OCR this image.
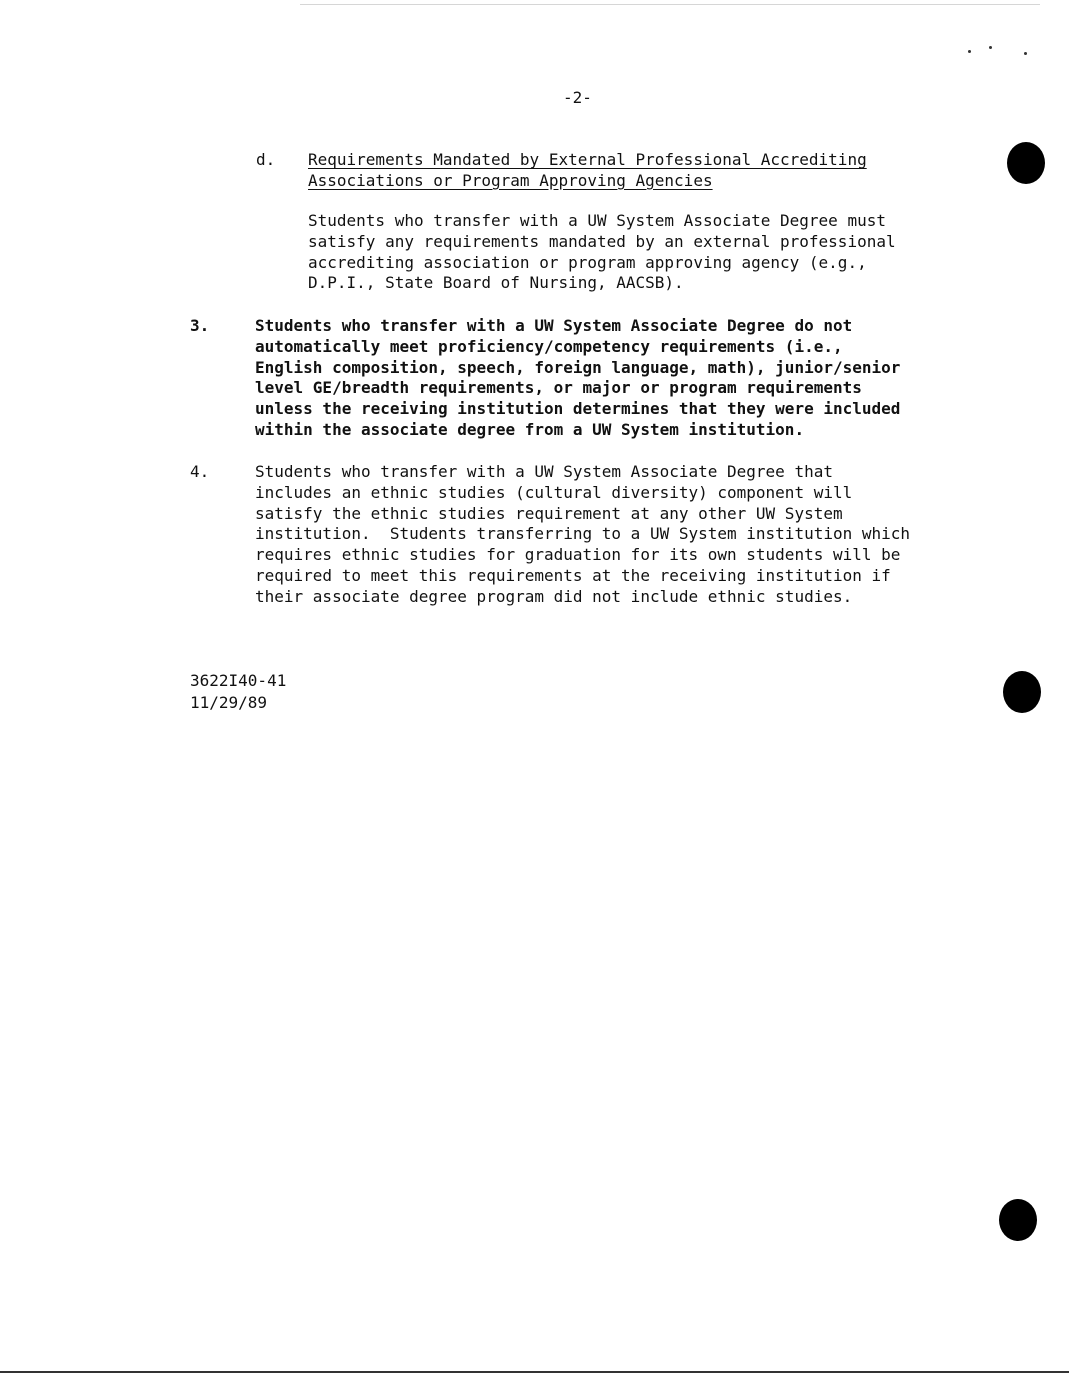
-2-
d. Requirements Mandated by External Professional Accrediting
Associations or Program Approving Agencies
Students who transfer with a UW System Associate Degree must
satisfy any requirements mandated by an external professional
accrediting association or program approving agency (e.g.,
D.P.I., State Board of Nursing, AACSB).
3.	Students who transfer with a UW System Associate Degree do not
automatically meet proficiency/competency requirements (i.e.,
English composition, speech, foreign language, math), junior/senior
level GE/breadth requirements, or major or program requirements
unless the receiving institution determines that they were included
within the associate degree from a UW System institution.
4.	Students who transfer with a UW System Associate Degree that
includes an ethnic studies (cultural diversity) component will
satisfy the ethnic studies requirement at any other UW System
institution.  Students transferring to a UW System institution which
requires ethnic studies for graduation for its own students will be
required to meet this requirements at the receiving institution if
their associate degree program did not include ethnic studies.
3622I40-41
11/29/89
